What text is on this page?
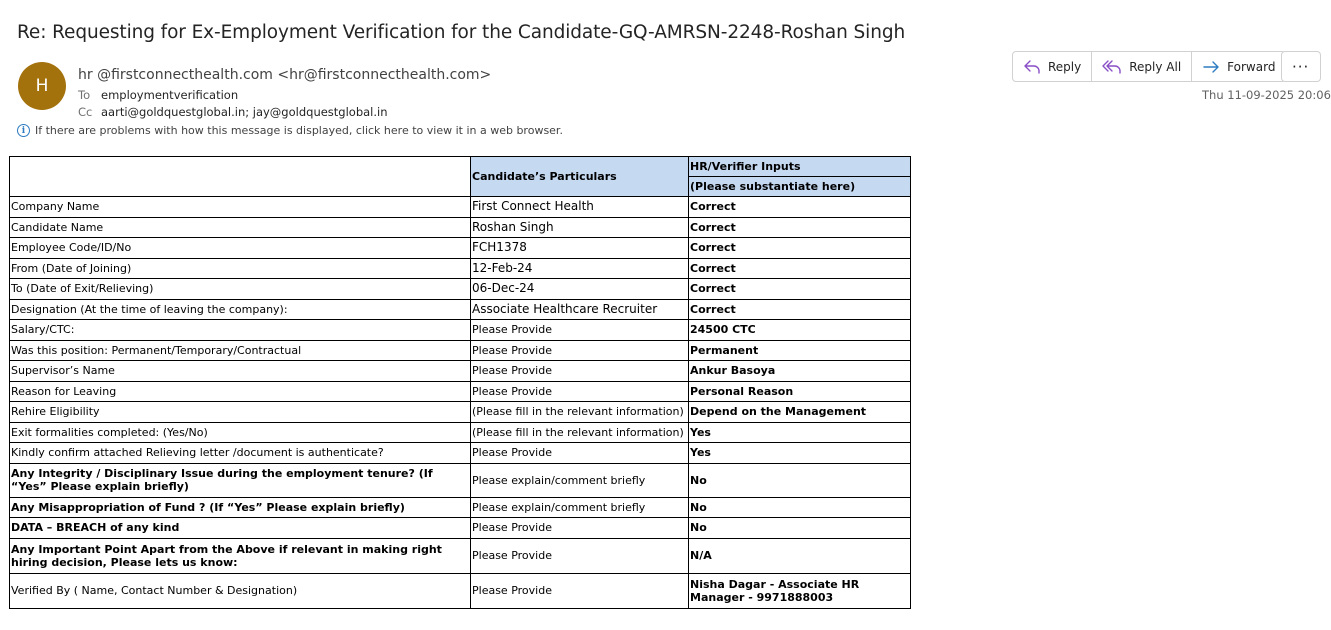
Re: Requesting for Ex-Employment Verification for the Candidate-GQ-AMRSN-2248-Roshan Singh
H
hr @firstconnecthealth.com <hr@firstconnecthealth.com>
To employmentverification
Cc aarti@goldquestglobal.in; jay@goldquestglobal.in
i If there are problems with how this message is displayed, click here to view it in a web browser.
Reply	Reply All	Forward	···
Thu 11-09-2025 20:06
	Candidate’s Particulars	HR/Verifier Inputs
		(Please substantiate here)
Company Name	First Connect Health	Correct
Candidate Name	Roshan Singh	Correct
Employee Code/ID/No	FCH1378	Correct
From (Date of Joining)	12-Feb-24	Correct
To (Date of Exit/Relieving)	06-Dec-24	Correct
Designation (At the time of leaving the company):	Associate Healthcare Recruiter	Correct
Salary/CTC:	Please Provide	24500 CTC
Was this position: Permanent/Temporary/Contractual	Please Provide	Permanent
Supervisor’s Name	Please Provide	Ankur Basoya
Reason for Leaving	Please Provide	Personal Reason
Rehire Eligibility	(Please fill in the relevant information)	Depend on the Management
Exit formalities completed: (Yes/No)	(Please fill in the relevant information)	Yes
Kindly confirm attached Relieving letter /document is authenticate?	Please Provide	Yes
Any Integrity / Disciplinary Issue during the employment tenure? (If “Yes” Please explain briefly)	Please explain/comment briefly	No
Any Misappropriation of Fund ? (If “Yes” Please explain briefly)	Please explain/comment briefly	No
DATA – BREACH of any kind	Please Provide	No
Any Important Point Apart from the Above if relevant in making right hiring decision, Please lets us know:	Please Provide	N/A
Verified By ( Name, Contact Number & Designation)	Please Provide	Nisha Dagar - Associate HR Manager - 9971888003
